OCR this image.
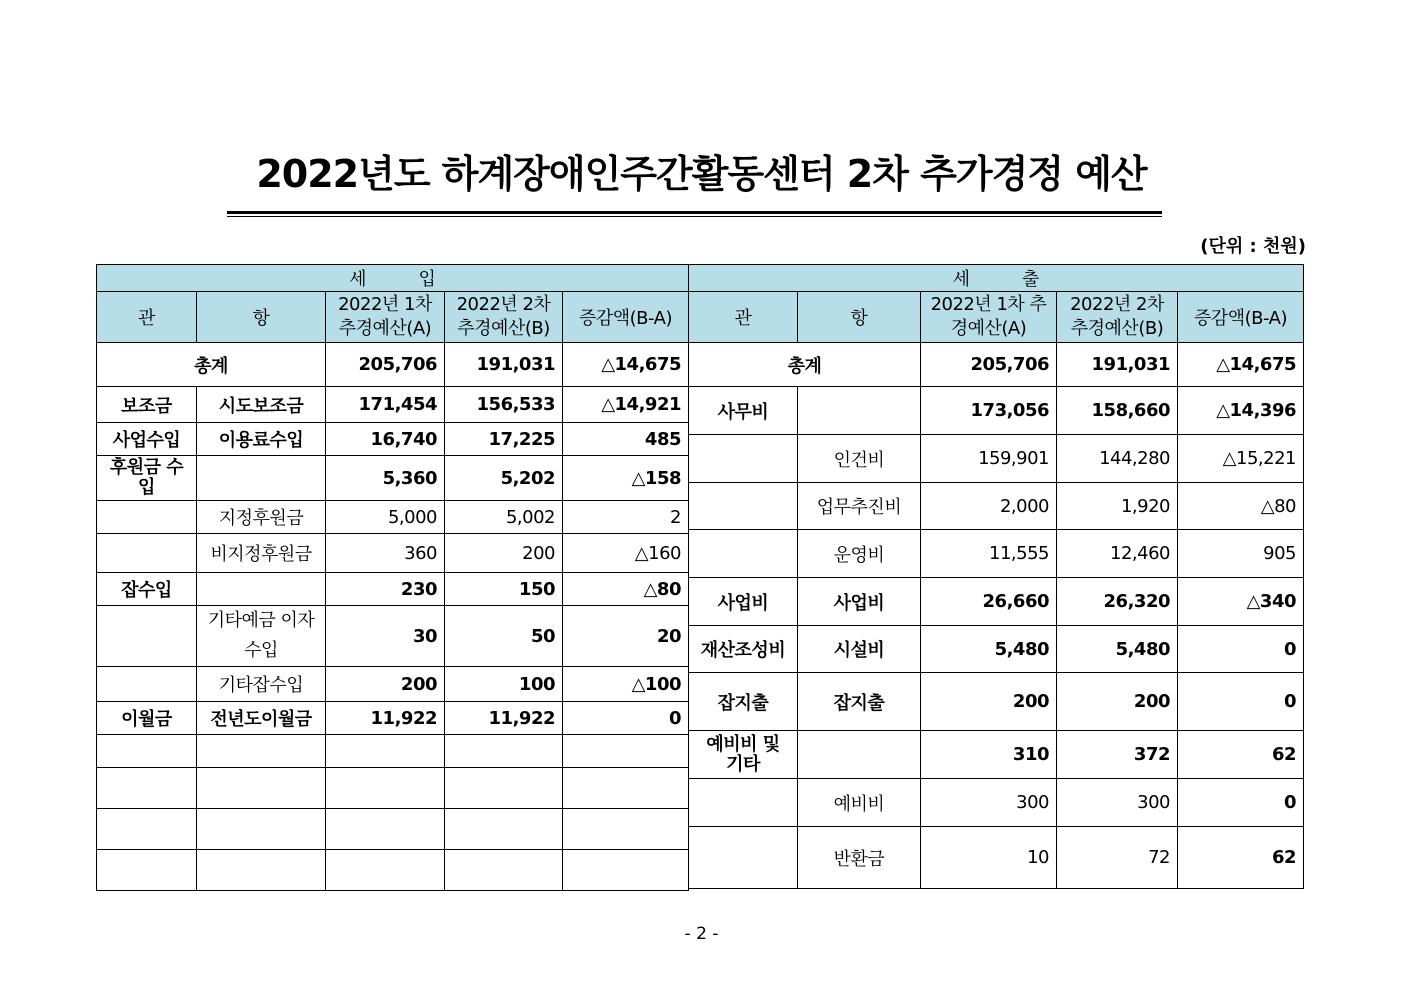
2022년도 하계장애인주간활동센터 2차 추가경정 예산
(단위 : 천원)
세 입				
관	항	2022년 1차 추경예산(A)	2022년 2차 추경예산(B)	증감액(B-A)
총계		205,706	191,031	△14,675
보조금	시도보조금	171,454	156,533	△14,921
사업수입	이용료수입	16,740	17,225	485
후원금 수입		5,360	5,202	△158
	지정후원금	5,000	5,002	2
	비지정후원금	360	200	△160
잡수입		230	150	△80
	기타예금 이자수입	30	50	20
	기타잡수입	200	100	△100
이월금	전년도이월금	11,922	11,922	0

세 출				
관	항	2022년 1차 추경예산(A)	2022년 2차 추경예산(B)	증감액(B-A)
총계		205,706	191,031	△14,675
사무비		173,056	158,660	△14,396
	인건비	159,901	144,280	△15,221
	업무추진비	2,000	1,920	△80
	운영비	11,555	12,460	905
사업비	사업비	26,660	26,320	△340
재산조성비	시설비	5,480	5,480	0
잡지출	잡지출	200	200	0
예비비 및 기타		310	372	62
	예비비	300	300	0
	반환금	10	72	62
- 2 -
